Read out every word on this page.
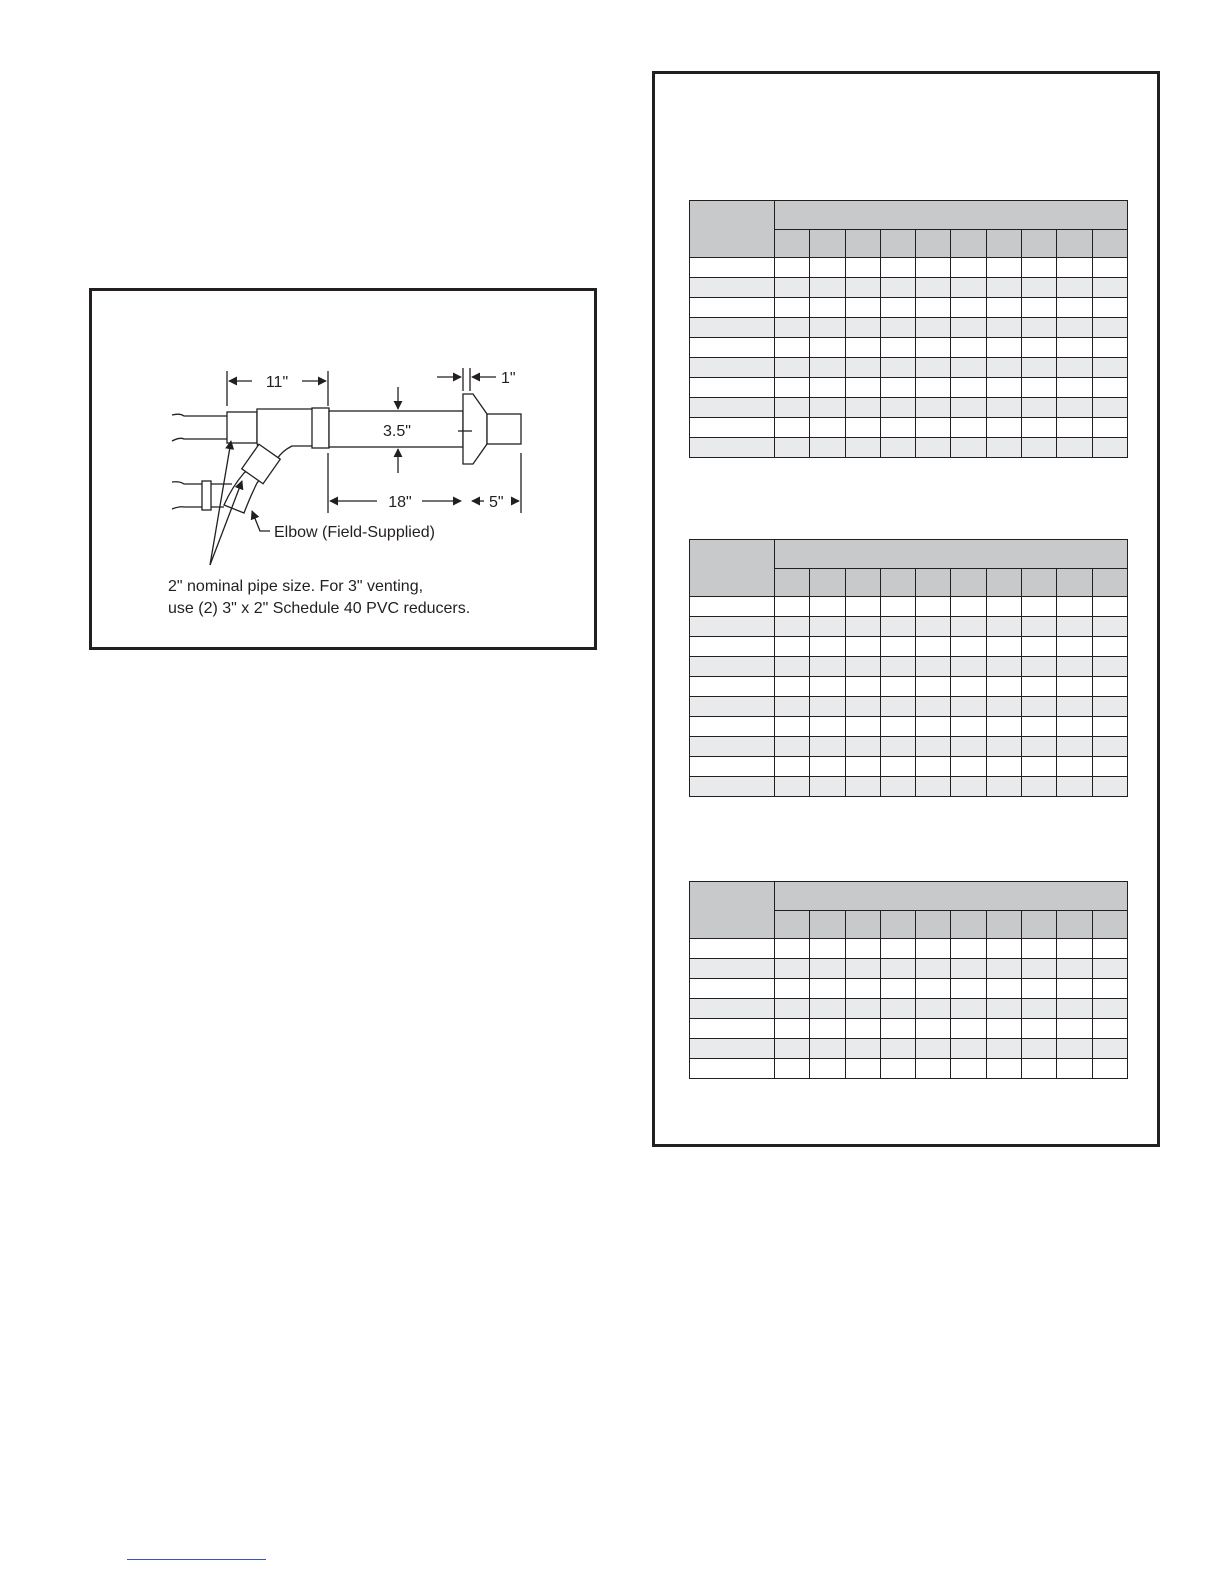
11"	1"
3.5"
18"	5"
Elbow (Field-Supplied)
2" nominal pipe size. For 3" venting,
use (2) 3" x 2" Schedule 40 PVC reducers.
